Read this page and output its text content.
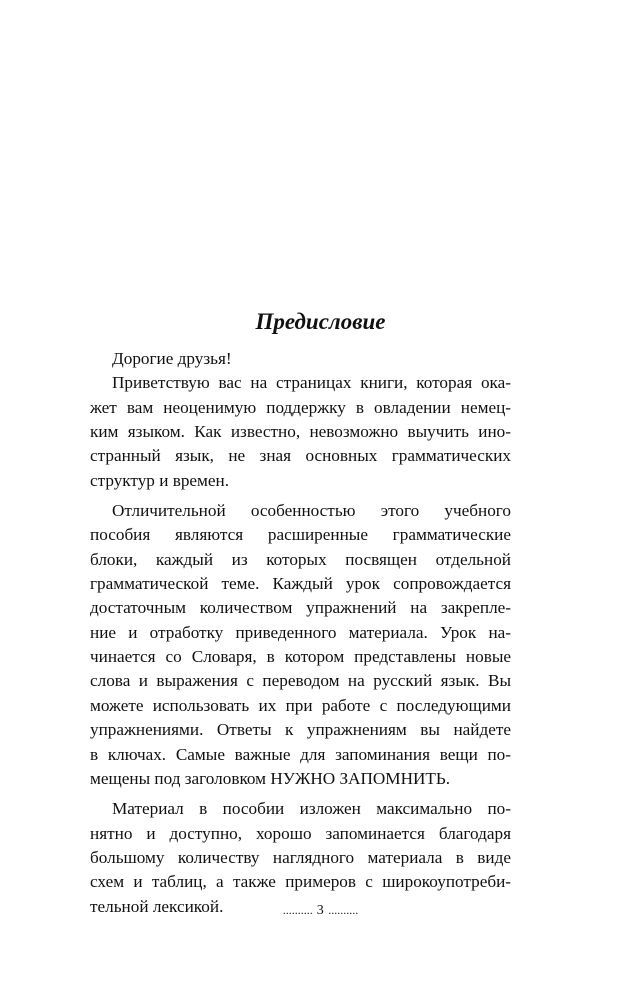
Предисловие
Дорогие друзья!
Приветствую вас на страницах книги, которая ока-
жет вам неоценимую поддержку в овладении немец-
ким языком. Как известно, невозможно выучить ино-
странный язык, не зная основных грамматических
структур и времен.
Отличительной особенностью этого учебного
пособия являются расширенные грамматические
блоки, каждый из которых посвящен отдельной
грамматической теме. Каждый урок сопровождается
достаточным количеством упражнений на закрепле-
ние и отработку приведенного материала. Урок на-
чинается со Словаря, в котором представлены новые
слова и выражения с переводом на русский язык. Вы
можете использовать их при работе с последующими
упражнениями. Ответы к упражнениям вы найдете
в ключах. Самые важные для запоминания вещи по-
мещены под заголовком НУЖНО ЗАПОМНИТЬ.
Материал в пособии изложен максимально по-
нятно и доступно, хорошо запоминается благодаря
большому количеству наглядного материала в виде
схем и таблиц, а также примеров с широкоупотреби-
тельной лексикой.	.......... 3 ..........
